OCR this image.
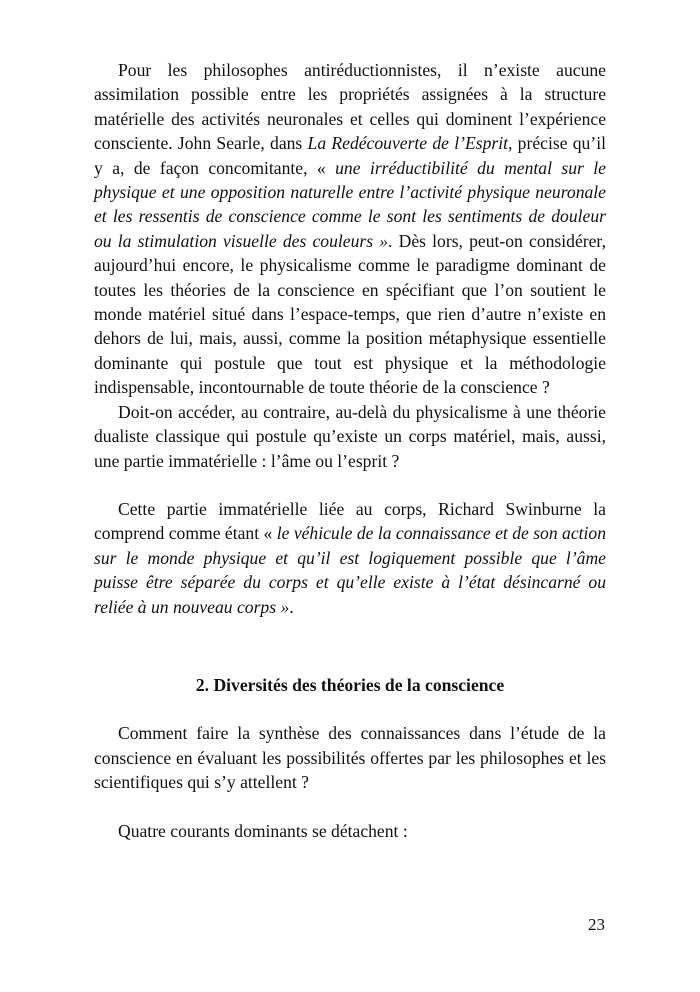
Pour les philosophes antiréductionnistes, il n’existe aucune assimilation possible entre les propriétés assignées à la structure matérielle des activités neuronales et celles qui dominent l’expérience consciente. John Searle, dans La Redécouverte de l’Esprit, précise qu’il y a, de façon concomitante, « une irréductibilité du mental sur le physique et une opposition naturelle entre l’activité physique neuronale et les ressentis de conscience comme le sont les sentiments de douleur ou la stimulation visuelle des couleurs ». Dès lors, peut-on considérer, aujourd’hui encore, le physicalisme comme le paradigme dominant de toutes les théories de la conscience en spécifiant que l’on soutient le monde matériel situé dans l’espace-temps, que rien d’autre n’existe en dehors de lui, mais, aussi, comme la position métaphysique essentielle dominante qui postule que tout est physique et la méthodologie indispensable, incontournable de toute théorie de la conscience ?

Doit-on accéder, au contraire, au-delà du physicalisme à une théorie dualiste classique qui postule qu’existe un corps matériel, mais, aussi, une partie immatérielle : l’âme ou l’esprit ?

Cette partie immatérielle liée au corps, Richard Swinburne la comprend comme étant « le véhicule de la connaissance et de son action sur le monde physique et qu’il est logiquement possible que l’âme puisse être séparée du corps et qu’elle existe à l’état désincarné ou reliée à un nouveau corps ».

2. Diversités des théories de la conscience

Comment faire la synthèse des connaissances dans l’étude de la conscience en évaluant les possibilités offertes par les philosophes et les scientifiques qui s’y attellent ?

Quatre courants dominants se détachent :

23
